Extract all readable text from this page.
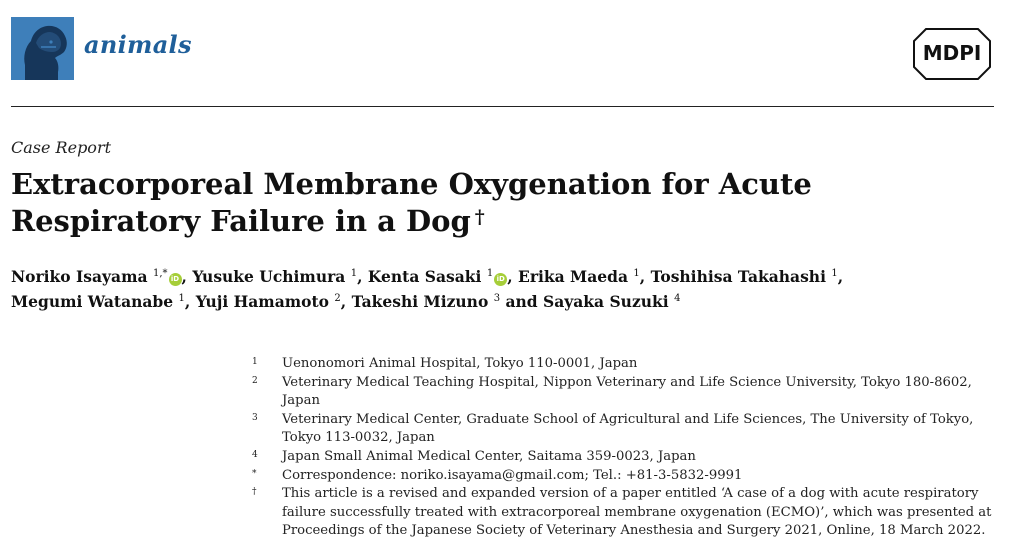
animals	MDPI
Case Report
Extracorporeal Membrane Oxygenation for Acute Respiratory Failure in a Dog †
Noriko Isayama $^{1,*}$ iD , Yusuke Uchimura $^1$, Kenta Sasaki $^1$ iD , Erika Maeda $^1$, Toshihisa Takahashi $^1$,
Megumi Watanabe $^1$, Yuji Hamamoto $^2$, Takeshi Mizuno $^3$ and Sayaka Suzuki $^4$
1 Uenonomori Animal Hospital, Tokyo 110-0001, Japan
2 Veterinary Medical Teaching Hospital, Nippon Veterinary and Life Science University, Tokyo 180-8602, Japan
3 Veterinary Medical Center, Graduate School of Agricultural and Life Sciences, The University of Tokyo, Tokyo 113-0032, Japan
4 Japan Small Animal Medical Center, Saitama 359-0023, Japan
* Correspondence: noriko.isayama@gmail.com; Tel.: +81-3-5832-9991
† This article is a revised and expanded version of a paper entitled ‘A case of a dog with acute respiratory failure successfully treated with extracorporeal membrane oxygenation (ECMO)’, which was presented at Proceedings of the Japanese Society of Veterinary Anesthesia and Surgery 2021, Online, 18 March 2022.
